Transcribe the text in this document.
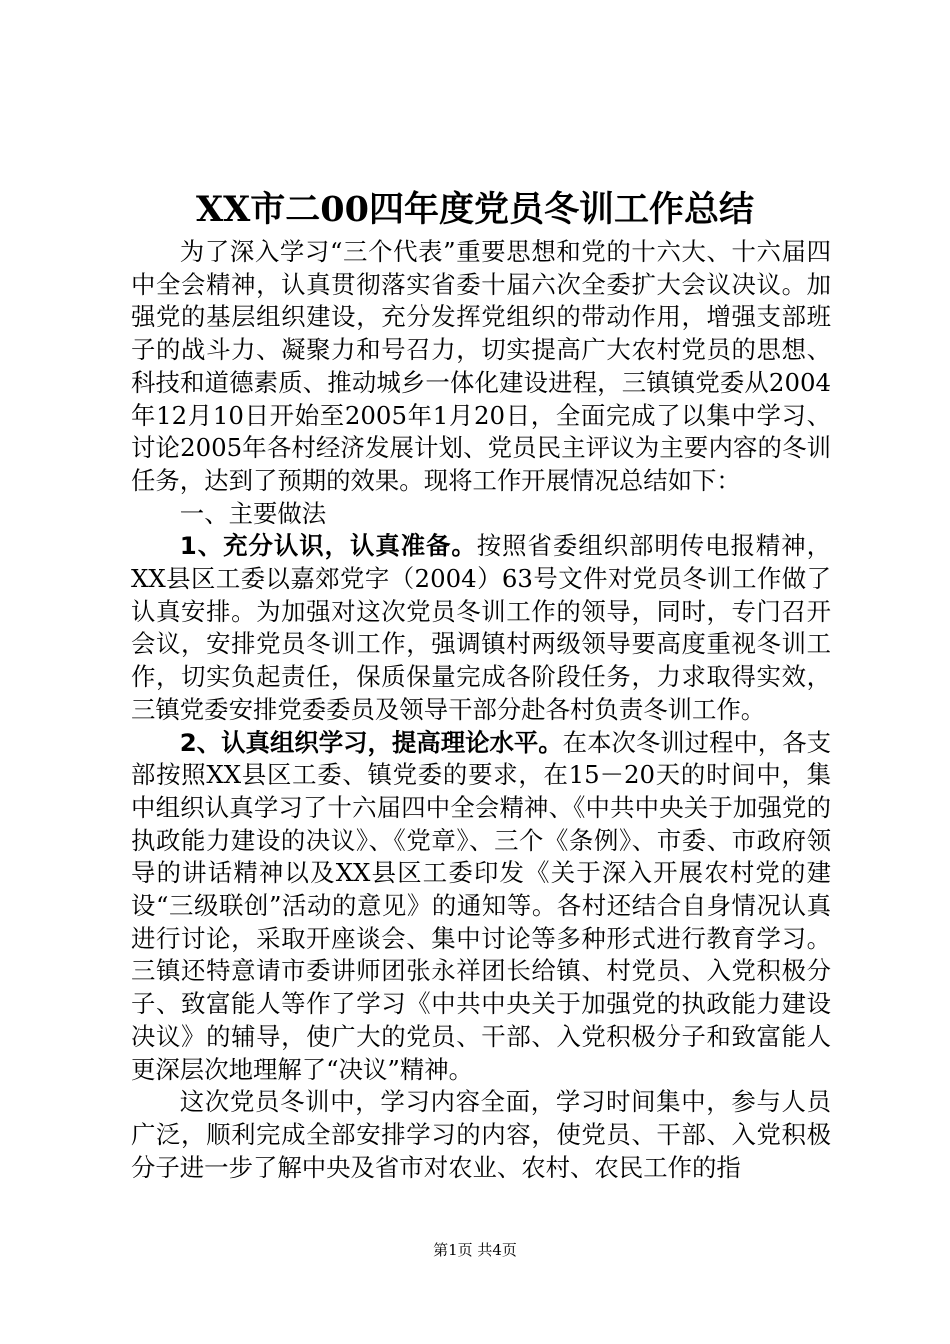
XX市二00四年度党员冬训工作总结

为了深入学习“三个代表”重要思想和党的十六大、十六届四中全会精神，认真贯彻落实省委十届六次全委扩大会议决议。加强党的基层组织建设，充分发挥党组织的带动作用，增强支部班子的战斗力、凝聚力和号召力，切实提高广大农村党员的思想、科技和道德素质、推动城乡一体化建设进程，三镇镇党委从2004年12月10日开始至2005年1月20日，全面完成了以集中学习、讨论2005年各村经济发展计划、党员民主评议为主要内容的冬训任务，达到了预期的效果。现将工作开展情况总结如下：

一、主要做法

1、充分认识，认真准备。按照省委组织部明传电报精神，XX县区工委以嘉郊党字（2004）63号文件对党员冬训工作做了认真安排。为加强对这次党员冬训工作的领导，同时，专门召开会议，安排党员冬训工作，强调镇村两级领导要高度重视冬训工作，切实负起责任，保质保量完成各阶段任务，力求取得实效，三镇党委安排党委委员及领导干部分赴各村负责冬训工作。

2、认真组织学习，提高理论水平。在本次冬训过程中，各支部按照XX县区工委、镇党委的要求，在15－20天的时间中，集中组织认真学习了十六届四中全会精神、《中共中央关于加强党的执政能力建设的决议》、《党章》、三个《条例》、市委、市政府领导的讲话精神以及XX县区工委印发《关于深入开展农村党的建设“三级联创”活动的意见》的通知等。各村还结合自身情况认真进行讨论，采取开座谈会、集中讨论等多种形式进行教育学习。三镇还特意请市委讲师团张永祥团长给镇、村党员、入党积极分子、致富能人等作了学习《中共中央关于加强党的执政能力建设决议》的辅导，使广大的党员、干部、入党积极分子和致富能人更深层次地理解了“决议”精神。

这次党员冬训中，学习内容全面，学习时间集中，参与人员广泛，顺利完成全部安排学习的内容，使党员、干部、入党积极分子进一步了解中央及省市对农业、农村、农民工作的指

第1页 共4页
